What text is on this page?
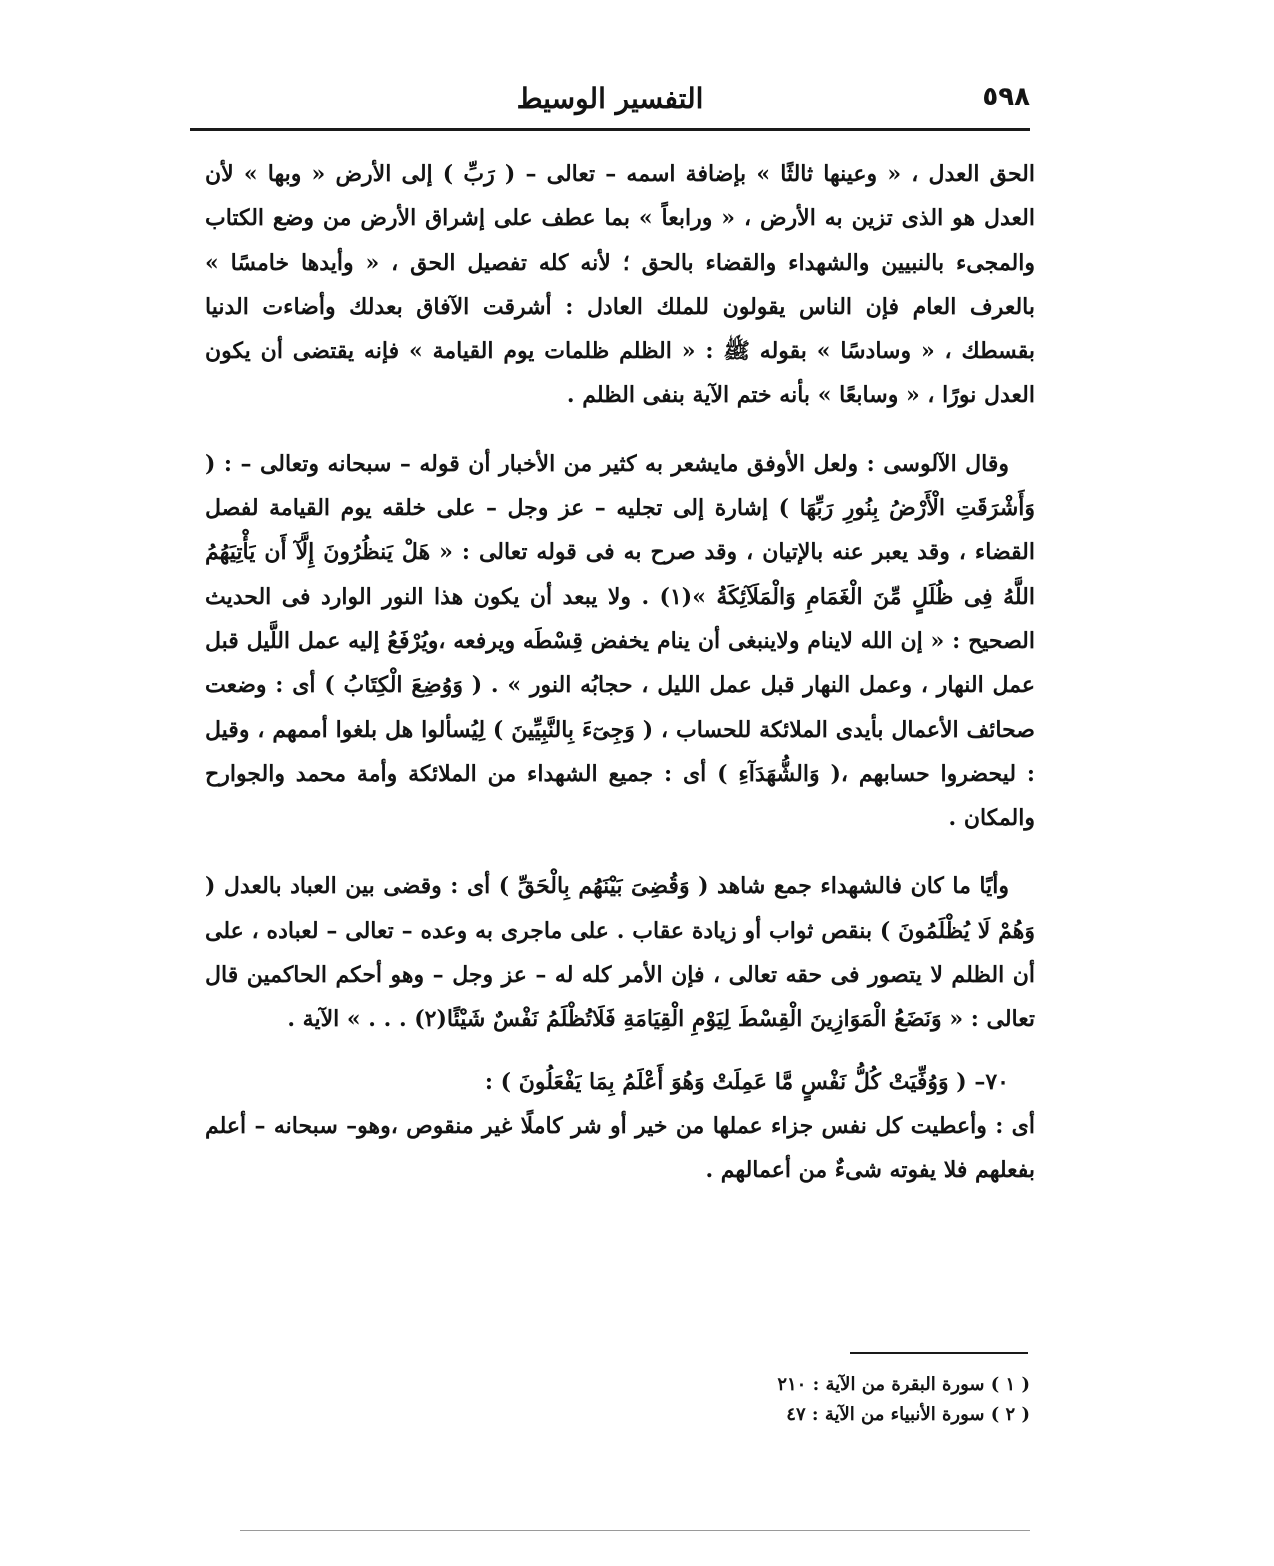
٥٩٨
التفسير الوسيط

الحق العدل ، « وعينها ثالثًا » بإضافة اسمه – تعالى – ( رَبِّ ) إلى الأرض « وبها » لأن العدل هو الذى تزين به الأرض ، « ورابعاً » بما عطف على إشراق الأرض من وضع الكتاب والمجىء بالنبيين والشهداء والقضاء بالحق ؛ لأنه كله تفصيل الحق ، « وأيدها خامسًا » بالعرف العام فإن الناس يقولون للملك العادل : أشرقت الآفاق بعدلك وأضاءت الدنيا بقسطك ، « وسادسًا » بقوله ﷺ : « الظلم ظلمات يوم القيامة » فإنه يقتضى أن يكون العدل نورًا ، « وسابعًا » بأنه ختم الآية بنفى الظلم .

وقال الآلوسى : ولعل الأوفق مايشعر به كثير من الأخبار أن قوله – سبحانه وتعالى – : ( وَأَشْرَقَتِ الْأَرْضُ بِنُورِ رَبِّهَا ) إشارة إلى تجليه – عز وجل – على خلقه يوم القيامة لفصل القضاء ، وقد يعبر عنه بالإتيان ، وقد صرح به فى قوله تعالى : « هَلْ يَنظُرُونَ إِلَّآ أَن يَأْتِيَهُمُ اللَّهُ فِى ظُلَلٍ مِّنَ الْغَمَامِ وَالْمَلَآئِكَةُ »(١) . ولا يبعد أن يكون هذا النور الوارد فى الحديث الصحيح : « إن الله لاينام ولاينبغى أن ينام يخفض قِسْطَه ويرفعه ،ويُرْفَعُ إليه عمل اللَّيل قبل عمل النهار ، وعمل النهار قبل عمل الليل ، حجابُه النور » . ( وَوُضِعَ الْكِتَابُ ) أى : وضعت صحائف الأعمال بأيدى الملائكة للحساب ، ( وَجِىٓءَ بِالنَّبِيِّينَ ) لِيُسألوا هل بلغوا أممهم ، وقيل : ليحضروا حسابهم ،( وَالشُّهَدَآءِ ) أى : جميع الشهداء من الملائكة وأمة محمد والجوارح والمكان .

وأيًا ما كان فالشهداء جمع شاهد ( وَقُضِىَ بَيْنَهُم بِالْحَقِّ ) أى : وقضى بين العباد بالعدل ( وَهُمْ لَا يُظْلَمُونَ ) بنقص ثواب أو زيادة عقاب . على ماجرى به وعده – تعالى – لعباده ، على أن الظلم لا يتصور فى حقه تعالى ، فإن الأمر كله له – عز وجل – وهو أحكم الحاكمين قال تعالى : « وَنَضَعُ الْمَوَازِينَ الْقِسْطَ لِيَوْمِ الْقِيَامَةِ فَلَاتُظْلَمُ نَفْسٌ شَيْئًا(٢) . . . » الآية .

٧٠– ( وَوُفِّيَتْ كُلُّ نَفْسٍ مَّا عَمِلَتْ وَهُوَ أَعْلَمُ بِمَا يَفْعَلُونَ ) :

أى : وأعطيت كل نفس جزاء عملها من خير أو شر كاملًا غير منقوص ،وهو– سبحانه – أعلم بفعلهم فلا يفوته شىءٌ من أعمالهم .

( ١ ) سورة البقرة من الآية : ٢١٠

( ٢ ) سورة الأنبياء من الآية : ٤٧
